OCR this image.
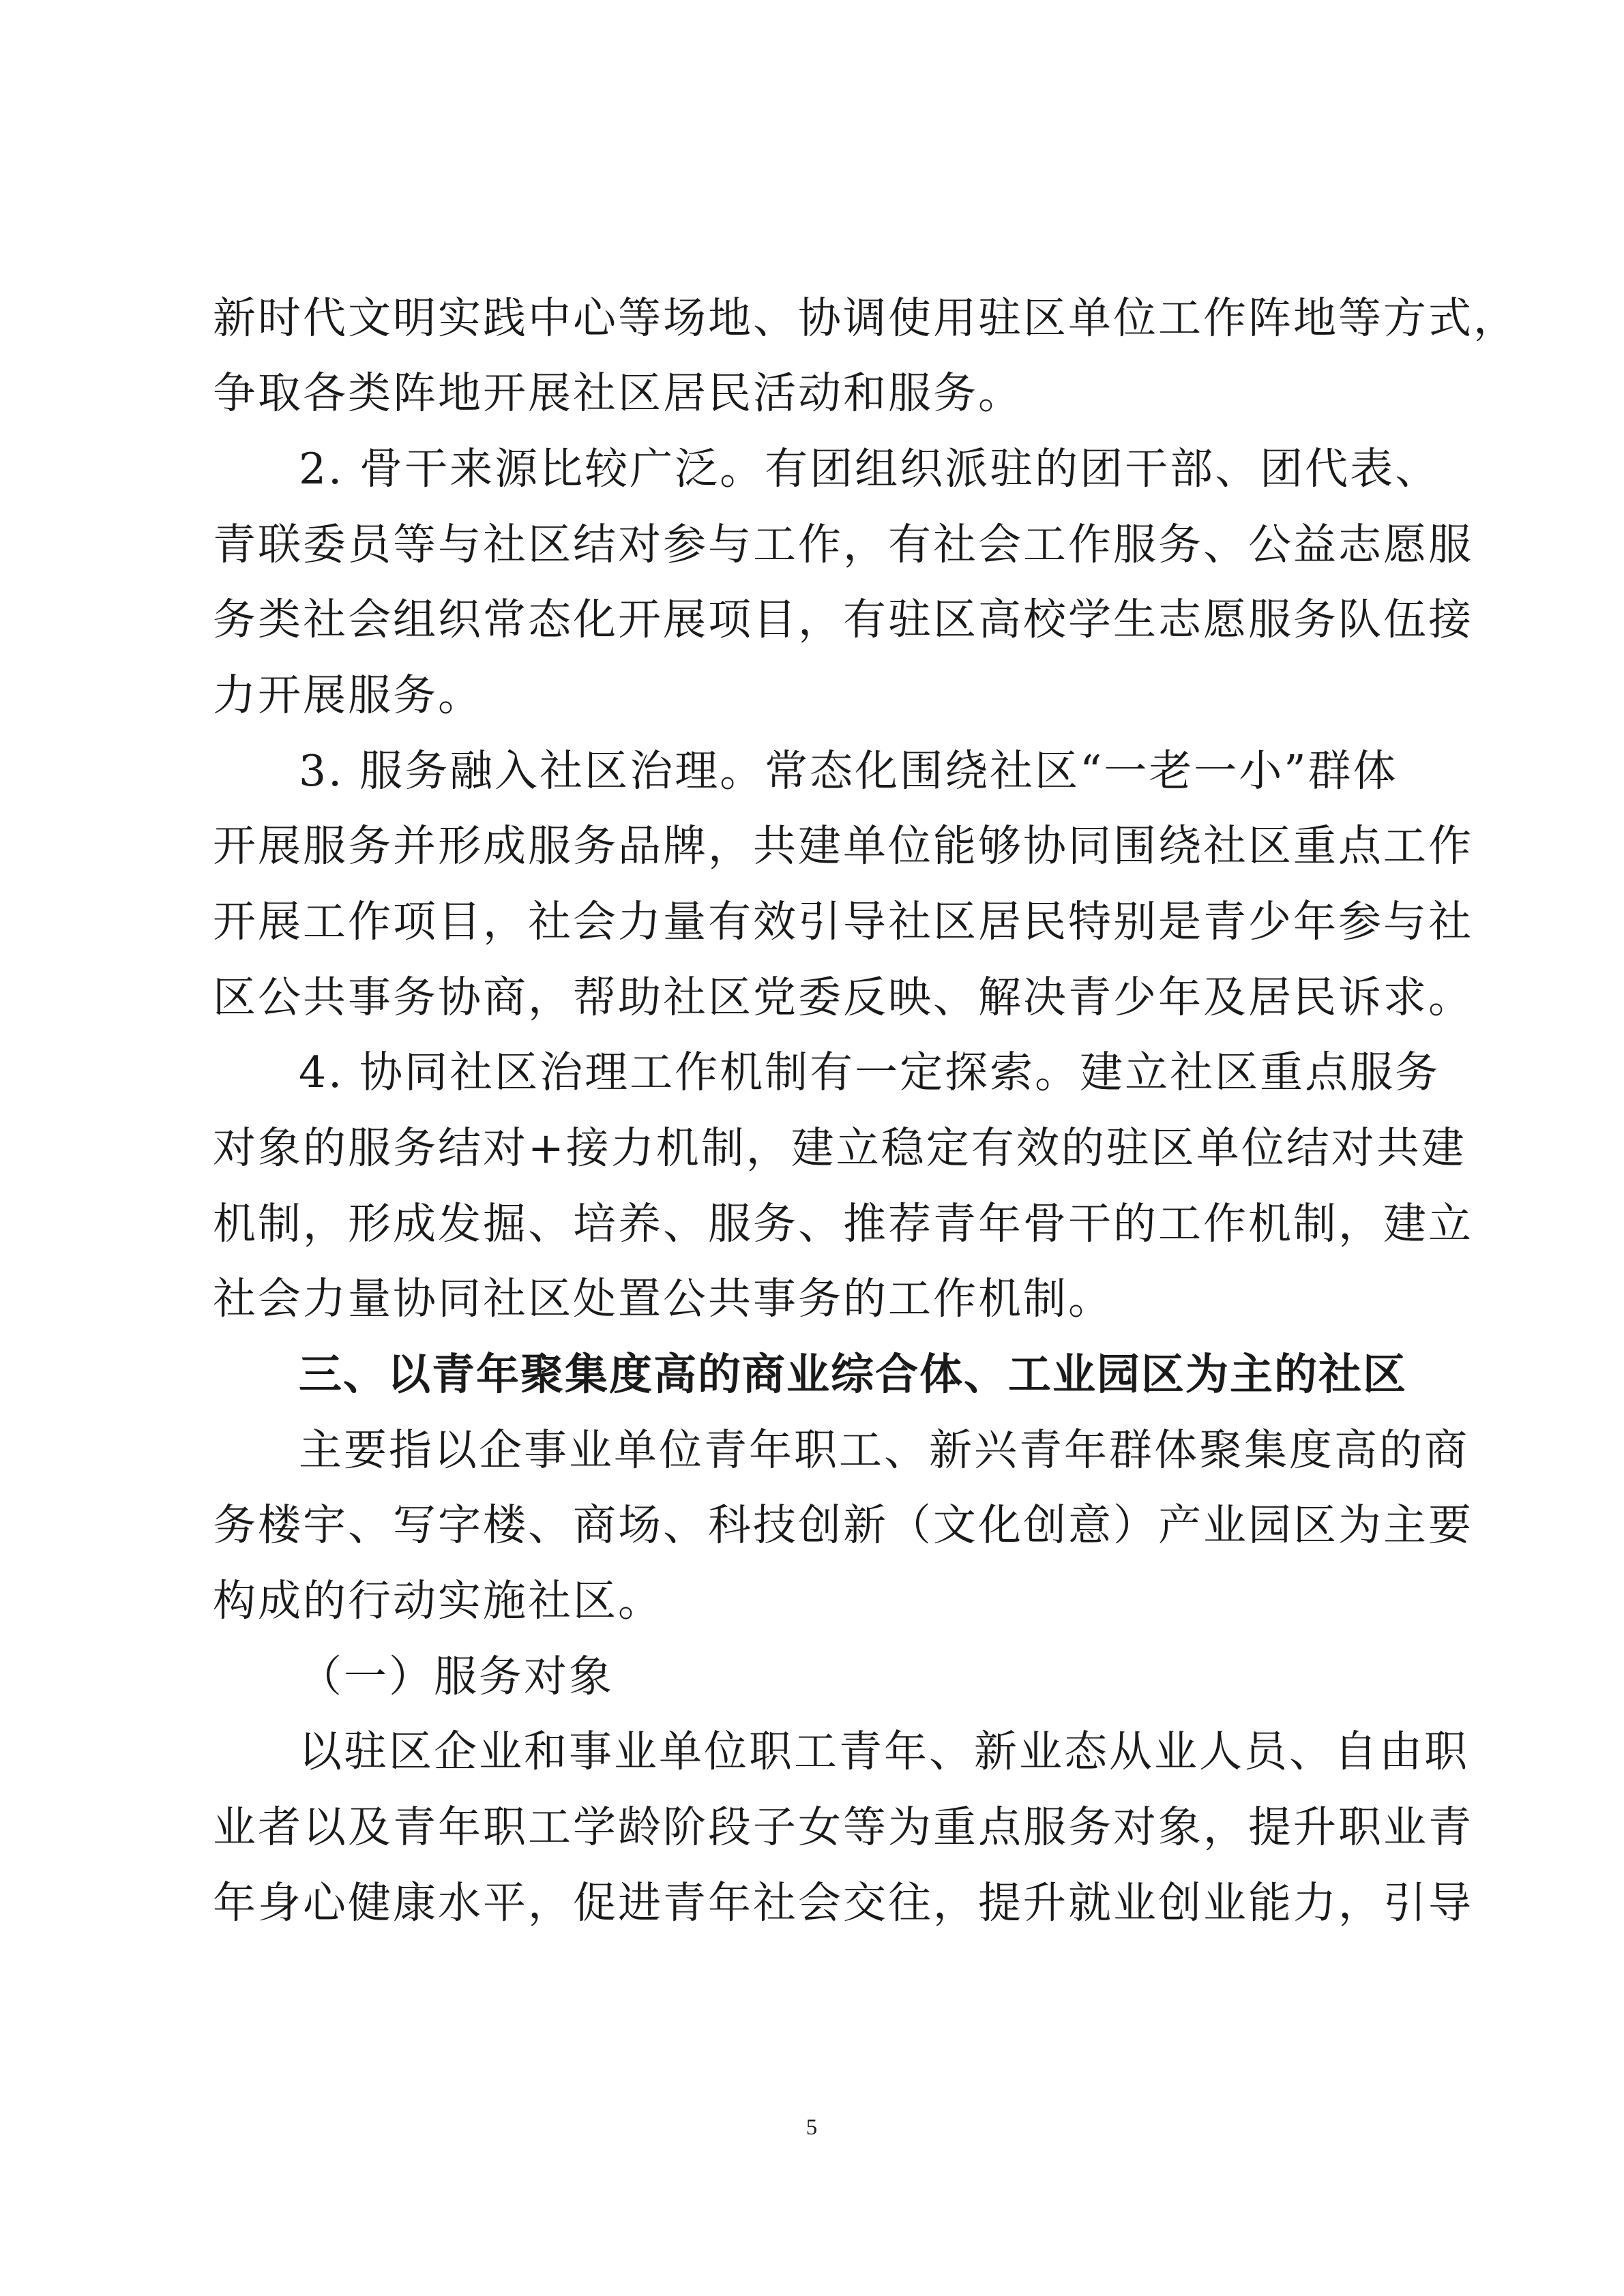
新时代文明实践中心等场地、协调使用驻区单位工作阵地等方式，
争取各类阵地开展社区居民活动和服务。
2. 骨干来源比较广泛。有团组织派驻的团干部、团代表、
青联委员等与社区结对参与工作，有社会工作服务、公益志愿服
务类社会组织常态化开展项目，有驻区高校学生志愿服务队伍接
力开展服务。
3. 服务融入社区治理。常态化围绕社区“一老一小”群体
开展服务并形成服务品牌，共建单位能够协同围绕社区重点工作
开展工作项目，社会力量有效引导社区居民特别是青少年参与社
区公共事务协商，帮助社区党委反映、解决青少年及居民诉求。
4. 协同社区治理工作机制有一定探索。建立社区重点服务
对象的服务结对+接力机制，建立稳定有效的驻区单位结对共建
机制，形成发掘、培养、服务、推荐青年骨干的工作机制，建立
社会力量协同社区处置公共事务的工作机制。
三、以青年聚集度高的商业综合体、工业园区为主的社区
主要指以企事业单位青年职工、新兴青年群体聚集度高的商
务楼宇、写字楼、商场、科技创新（文化创意）产业园区为主要
构成的行动实施社区。
（一）服务对象
以驻区企业和事业单位职工青年、新业态从业人员、自由职
业者以及青年职工学龄阶段子女等为重点服务对象，提升职业青
年身心健康水平，促进青年社会交往，提升就业创业能力，引导
5
